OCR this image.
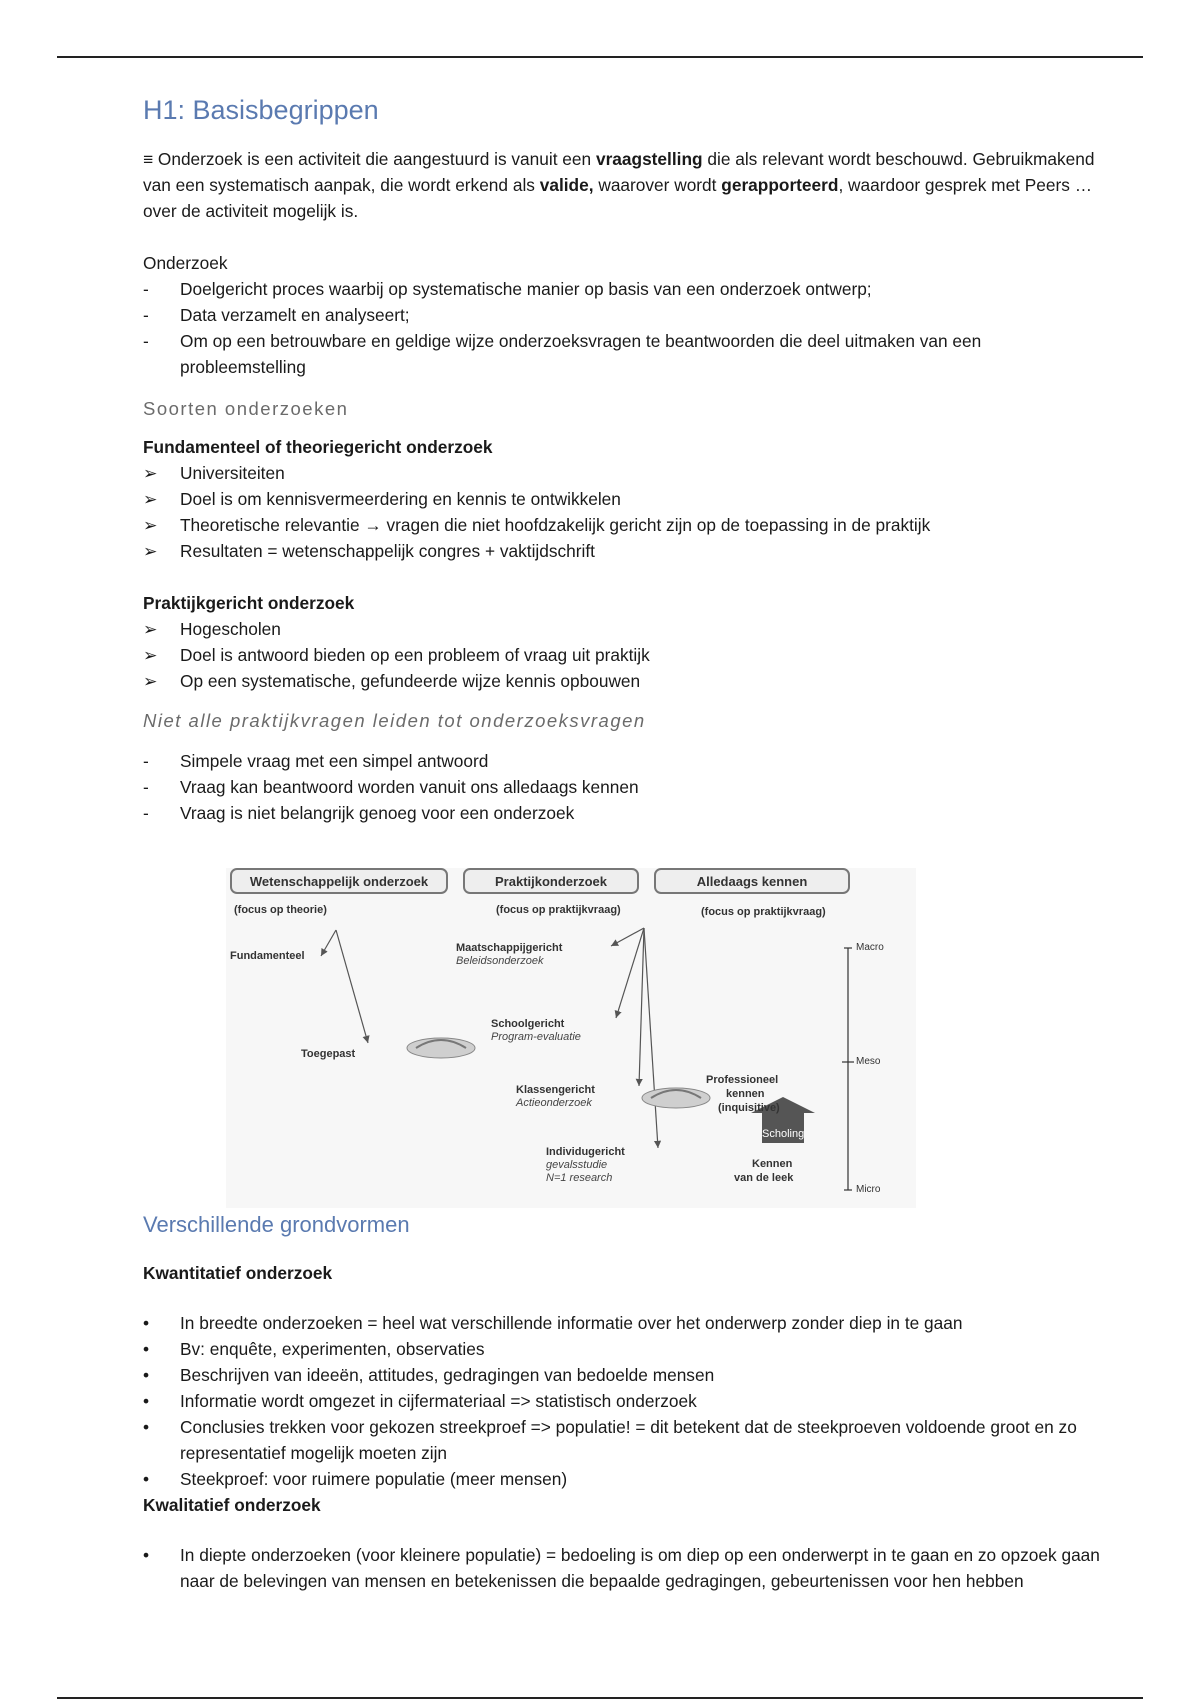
H1: Basisbegrippen

≡ Onderzoek is een activiteit die aangestuurd is vanuit een vraagstelling die als relevant wordt beschouwd. Gebruikmakend van een systematisch aanpak, die wordt erkend als valide, waarover wordt gerapporteerd, waardoor gesprek met Peers … over de activiteit mogelijk is.

Onderzoek

-	Doelgericht proces waarbij op systematische manier op basis van een onderzoek ontwerp;
-	Data verzamelt en analyseert;
-	Om op een betrouwbare en geldige wijze onderzoeksvragen te beantwoorden die deel uitmaken van een probleemstelling
Soorten onderzoeken

Fundamenteel of theoriegericht onderzoek

➢	Universiteiten
➢	Doel is om kennisvermeerdering en kennis te ontwikkelen
➢	Theoretische relevantie → vragen die niet hoofdzakelijk gericht zijn op de toepassing in de praktijk
➢	Resultaten = wetenschappelijk congres + vaktijdschrift

Praktijkgericht onderzoek

➢	Hogescholen
➢	Doel is antwoord bieden op een probleem of vraag uit praktijk
➢	Op een systematische, gefundeerde wijze kennis opbouwen
Niet alle praktijkvragen leiden tot onderzoeksvragen
-	Simpele vraag met een simpel antwoord
-	Vraag kan beantwoord worden vanuit ons alledaags kennen
-	Vraag is niet belangrijk genoeg voor een onderzoek
Wetenschappelijk onderzoek	Praktijkonderzoek	Alledaags kennen
(focus op theorie)	(focus op praktijkvraag)	(focus op praktijkvraag)
Fundamenteel
Toegepast
Maatschappijgericht
Beleidsonderzoek
Schoolgericht
Program-evaluatie
Klassengericht
Actieonderzoek
Individugericht
gevalsstudie
N=1 research
Professioneel
kennen
(inquisitive)
Scholing
Kennen
van de leek
Macro
Meso
Micro
Verschillende grondvormen

Kwantitatief onderzoek

•	In breedte onderzoeken = heel wat verschillende informatie over het onderwerp zonder diep in te gaan
•	Bv: enquête, experimenten, observaties
•	Beschrijven van ideeën, attitudes, gedragingen van bedoelde mensen
•	Informatie wordt omgezet in cijfermateriaal => statistisch onderzoek
•	Conclusies trekken voor gekozen streekproef => populatie! = dit betekent dat de steekproeven voldoende groot en zo representatief mogelijk moeten zijn
•	Steekproef: voor ruimere populatie (meer mensen)

Kwalitatief onderzoek

•	In diepte onderzoeken (voor kleinere populatie) = bedoeling is om diep op een onderwerpt in te gaan en zo opzoek gaan naar de belevingen van mensen en betekenissen die bepaalde gedragingen, gebeurtenissen voor hen hebben
